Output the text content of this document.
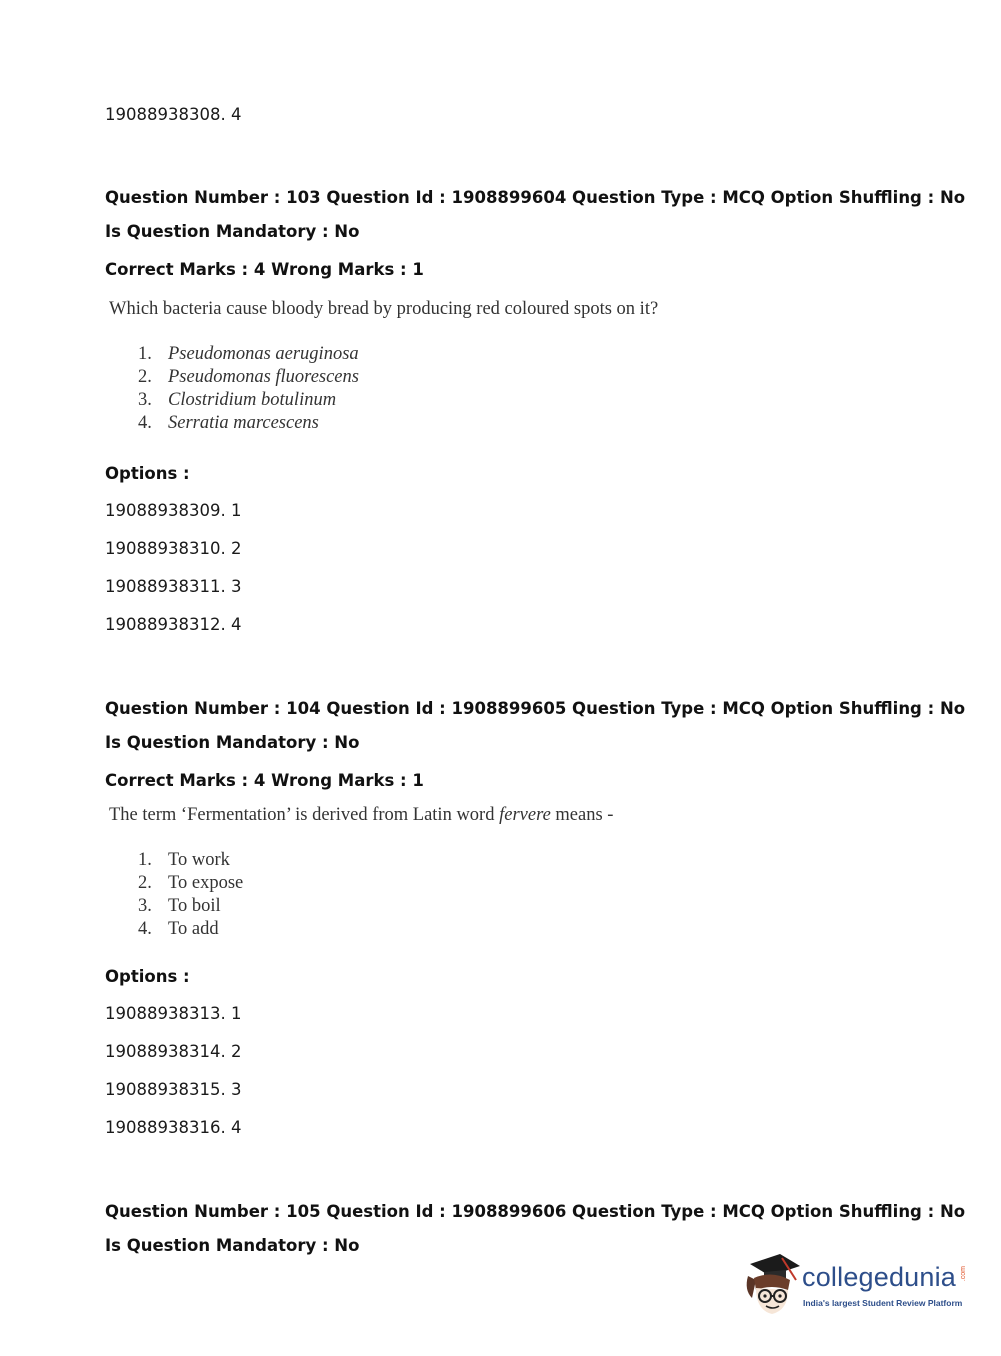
19088938308. 4
Question Number : 103 Question Id : 1908899604 Question Type : MCQ Option Shuffling : No
Is Question Mandatory : No
Correct Marks : 4 Wrong Marks : 1
Which bacteria cause bloody bread by producing red coloured spots on it?
1. Pseudomonas aeruginosa
2. Pseudomonas fluorescens
3. Clostridium botulinum
4. Serratia marcescens
Options :
19088938309. 1
19088938310. 2
19088938311. 3
19088938312. 4
Question Number : 104 Question Id : 1908899605 Question Type : MCQ Option Shuffling : No
Is Question Mandatory : No
Correct Marks : 4 Wrong Marks : 1
The term ‘Fermentation’ is derived from Latin word fervere means -
1. To work
2. To expose
3. To boil
4. To add
Options :
19088938313. 1
19088938314. 2
19088938315. 3
19088938316. 4
Question Number : 105 Question Id : 1908899606 Question Type : MCQ Option Shuffling : No
Is Question Mandatory : No
collegedunia .com
India's largest Student Review Platform
